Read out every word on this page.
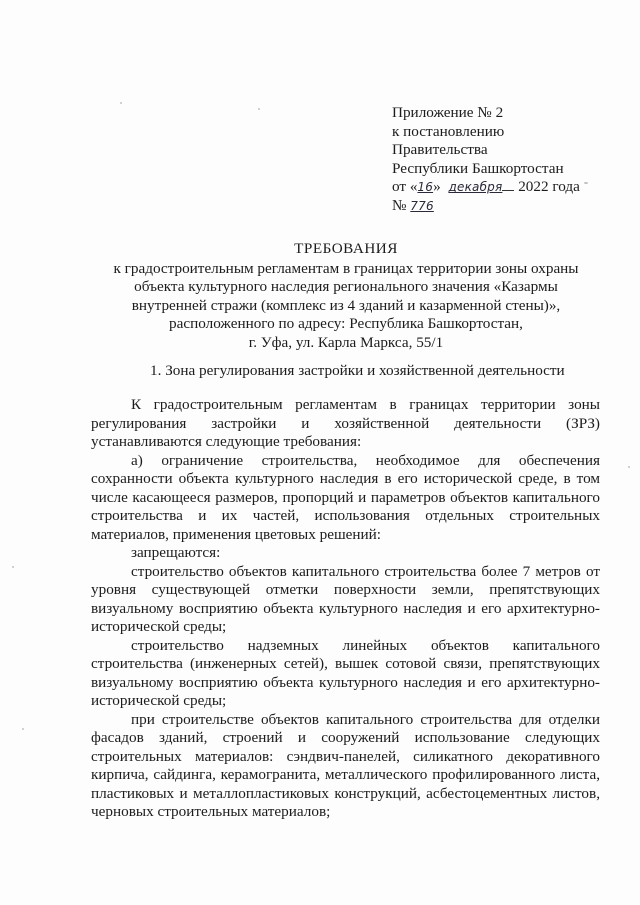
Приложение № 2
к постановлению
Правительства
Республики Башкортостан
от «16» декабря 2022 года
№ 776
ТРЕБОВАНИЯ
к градостроительным регламентам в границах территории зоны охраны
объекта культурного наследия регионального значения «Казармы
внутренней стражи (комплекс из 4 зданий и казарменной стены)»,
расположенного по адресу: Республика Башкортостан,
г. Уфа, ул. Карла Маркса, 55/1
1. Зона регулирования застройки и хозяйственной деятельности

К градостроительным регламентам в границах территории зоны регулирования застройки и хозяйственной деятельности (ЗРЗ) устанавливаются следующие требования:

а) ограничение строительства, необходимое для обеспечения сохранности объекта культурного наследия в его исторической среде, в том числе касающееся размеров, пропорций и параметров объектов капитального строительства и их частей, использования отдельных строительных материалов, применения цветовых решений:

запрещаются:

строительство объектов капитального строительства более 7 метров от уровня существующей отметки поверхности земли, препятствующих визуальному восприятию объекта культурного наследия и его архитектурно-исторической среды;

строительство надземных линейных объектов капитального строительства (инженерных сетей), вышек сотовой связи, препятствующих визуальному восприятию объекта культурного наследия и его архитектурно-исторической среды;

при строительстве объектов капитального строительства для отделки фасадов зданий, строений и сооружений использование следующих строительных материалов: сэндвич-панелей, силикатного декоративного кирпича, сайдинга, керамогранита, металлического профилированного листа, пластиковых и металлопластиковых конструкций, асбестоцементных листов, черновых строительных материалов;
